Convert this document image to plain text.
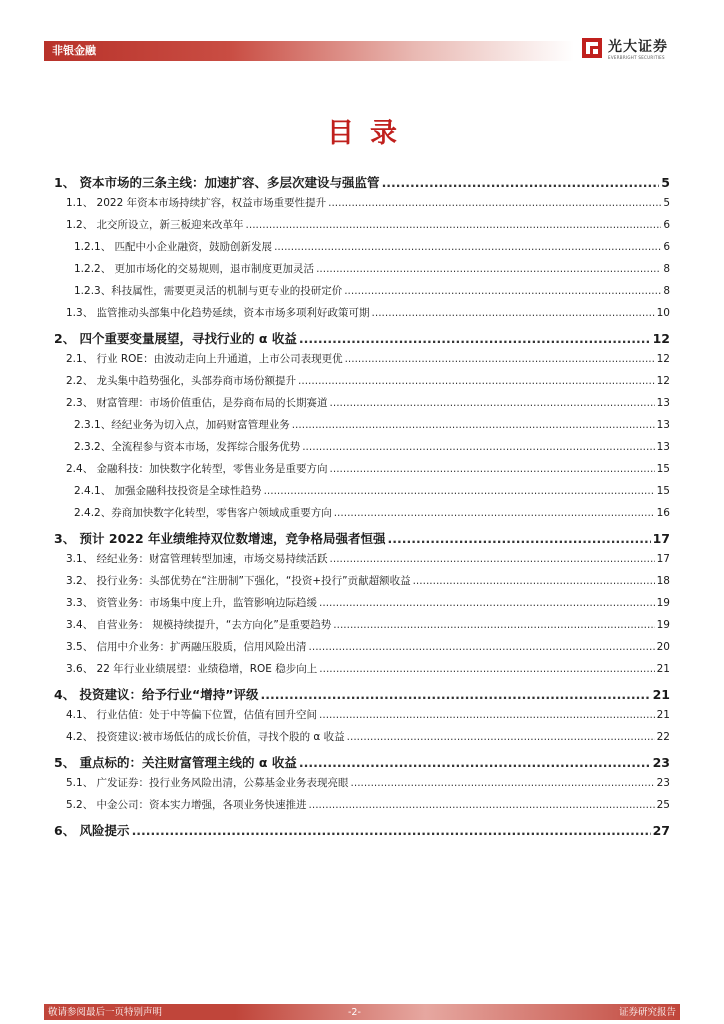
非银金融	光大证券
EVERBRIGHT SECURITIES
目录
1、 资本市场的三条主线：加速扩容、多层次建设与强监管 .....	5
1.1、 2022 年资本市场持续扩容，权益市场重要性提升 .....	5
1.2、 北交所设立，新三板迎来改革年 .....	6
1.2.1、 匹配中小企业融资，鼓励创新发展 .....	6
1.2.2、 更加市场化的交易规则，退市制度更加灵活 .....	8
1.2.3、科技属性，需要更灵活的机制与更专业的投研定价 .....	8
1.3、 监管推动头部集中化趋势延续，资本市场多项利好政策可期 .....	10
2、 四个重要变量展望，寻找行业的 α 收益 .....	12
2.1、 行业 ROE：由波动走向上升通道，上市公司表现更优 .....	12
2.2、 龙头集中趋势强化，头部券商市场份额提升 .....	12
2.3、 财富管理：市场价值重估，是券商布局的长期赛道 .....	13
2.3.1、经纪业务为切入点，加码财富管理业务 .....	13
2.3.2、全流程参与资本市场，发挥综合服务优势 .....	13
2.4、 金融科技：加快数字化转型，零售业务是重要方向 .....	15
2.4.1、 加强金融科技投资是全球性趋势 .....	15
2.4.2、券商加快数字化转型，零售客户领域成重要方向 .....	16
3、 预计 2022 年业绩维持双位数增速，竞争格局强者恒强 .....	17
3.1、 经纪业务：财富管理转型加速，市场交易持续活跃 .....	17
3.2、 投行业务：头部优势在“注册制”下强化，“投资+投行”贡献超额收益 .....	18
3.3、 资管业务：市场集中度上升，监管影响边际趋缓 .....	19
3.4、 自营业务： 规模持续提升，“去方向化”是重要趋势 .....	19
3.5、 信用中介业务：扩两融压股质，信用风险出清 .....	20
3.6、 22 年行业业绩展望：业绩稳增，ROE 稳步向上 .....	21
4、 投资建议：给予行业“增持”评级 .....	21
4.1、 行业估值：处于中等偏下位置，估值有回升空间 .....	21
4.2、 投资建议:被市场低估的成长价值，寻找个股的 α 收益 .....	22
5、 重点标的：关注财富管理主线的 α 收益 .....	23
5.1、 广发证券：投行业务风险出清，公募基金业务表现亮眼 .....	23
5.2、 中金公司：资本实力增强，各项业务快速推进 .....	25
6、 风险提示 .....	27
敬请参阅最后一页特别声明	-2-	证券研究报告
